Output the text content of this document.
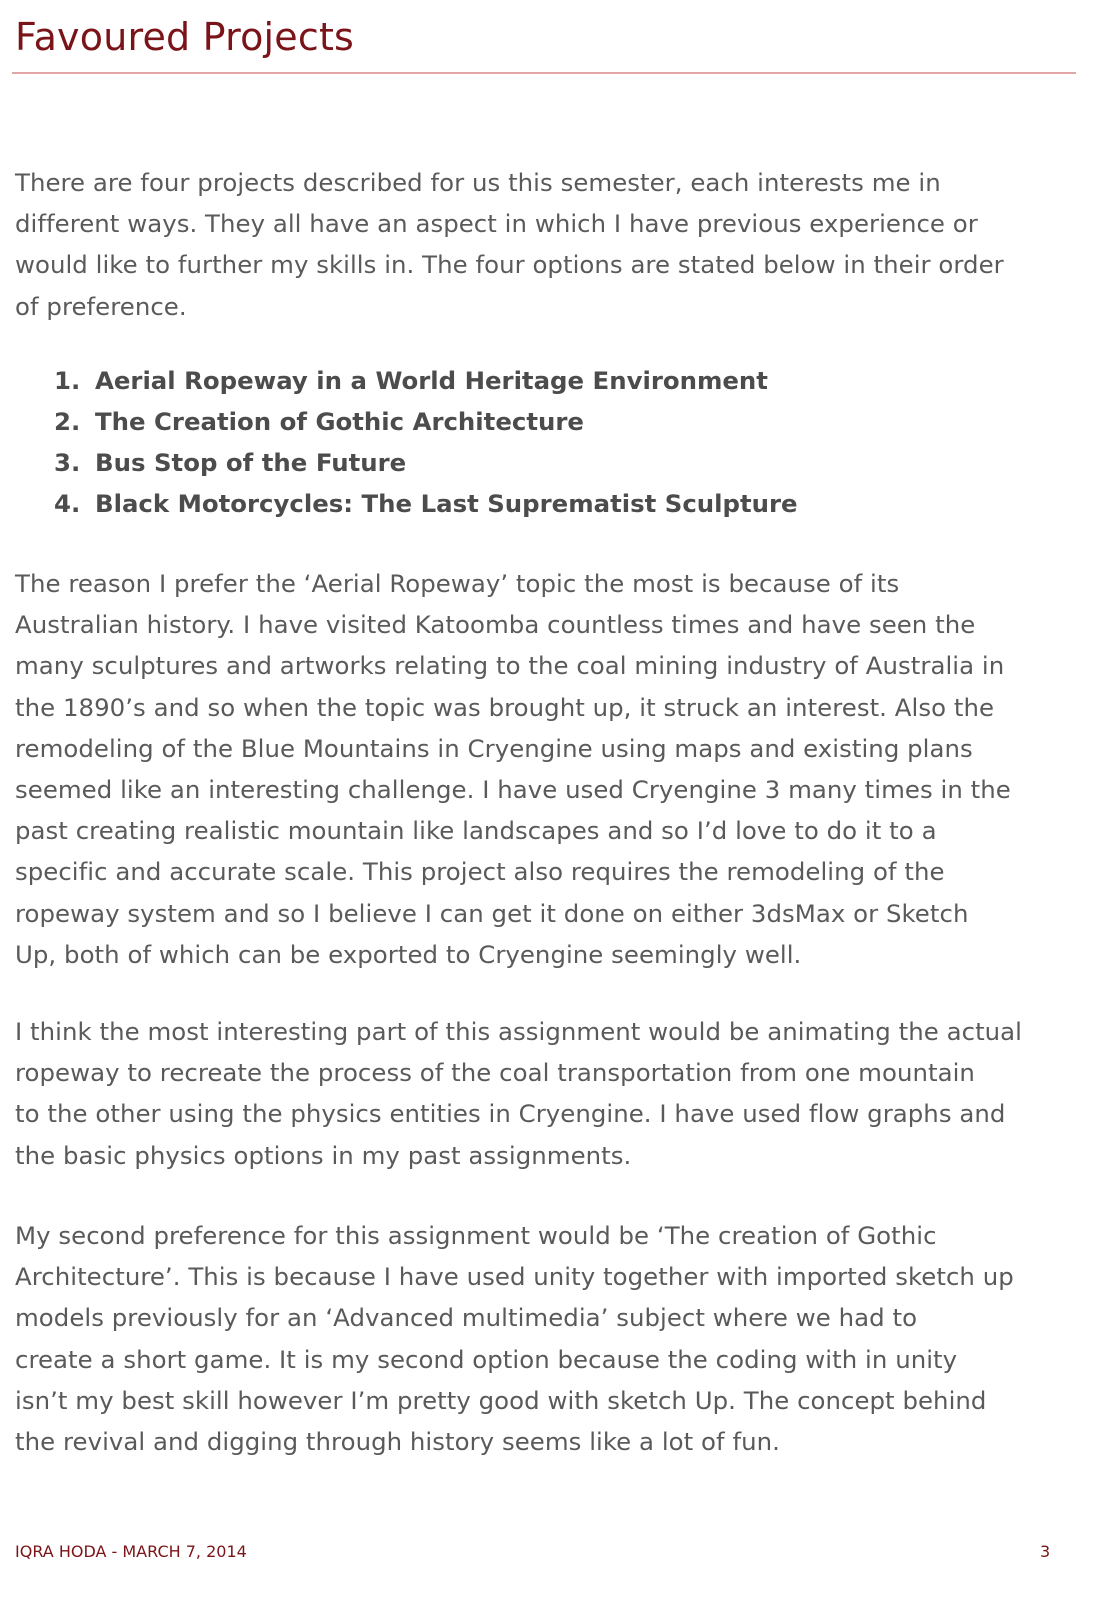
Favoured Projects

There are four projects described for us this semester, each interests me in
different ways. They all have an aspect in which I have previous experience or
would like to further my skills in. The four options are stated below in their order
of preference.

1. Aerial Ropeway in a World Heritage Environment
2. The Creation of Gothic Architecture
3. Bus Stop of the Future
4. Black Motorcycles: The Last Suprematist Sculpture

The reason I prefer the ‘Aerial Ropeway’ topic the most is because of its
Australian history. I have visited Katoomba countless times and have seen the
many sculptures and artworks relating to the coal mining industry of Australia in
the 1890’s and so when the topic was brought up, it struck an interest. Also the
remodeling of the Blue Mountains in Cryengine using maps and existing plans
seemed like an interesting challenge. I have used Cryengine 3 many times in the
past creating realistic mountain like landscapes and so I’d love to do it to a
specific and accurate scale. This project also requires the remodeling of the
ropeway system and so I believe I can get it done on either 3dsMax or Sketch
Up, both of which can be exported to Cryengine seemingly well.

I think the most interesting part of this assignment would be animating the actual
ropeway to recreate the process of the coal transportation from one mountain
to the other using the physics entities in Cryengine. I have used flow graphs and
the basic physics options in my past assignments.

My second preference for this assignment would be ‘The creation of Gothic
Architecture’. This is because I have used unity together with imported sketch up
models previously for an ‘Advanced multimedia’ subject where we had to
create a short game. It is my second option because the coding with in unity
isn’t my best skill however I’m pretty good with sketch Up. The concept behind
the revival and digging through history seems like a lot of fun.

IQRA HODA - MARCH 7, 2014	3
